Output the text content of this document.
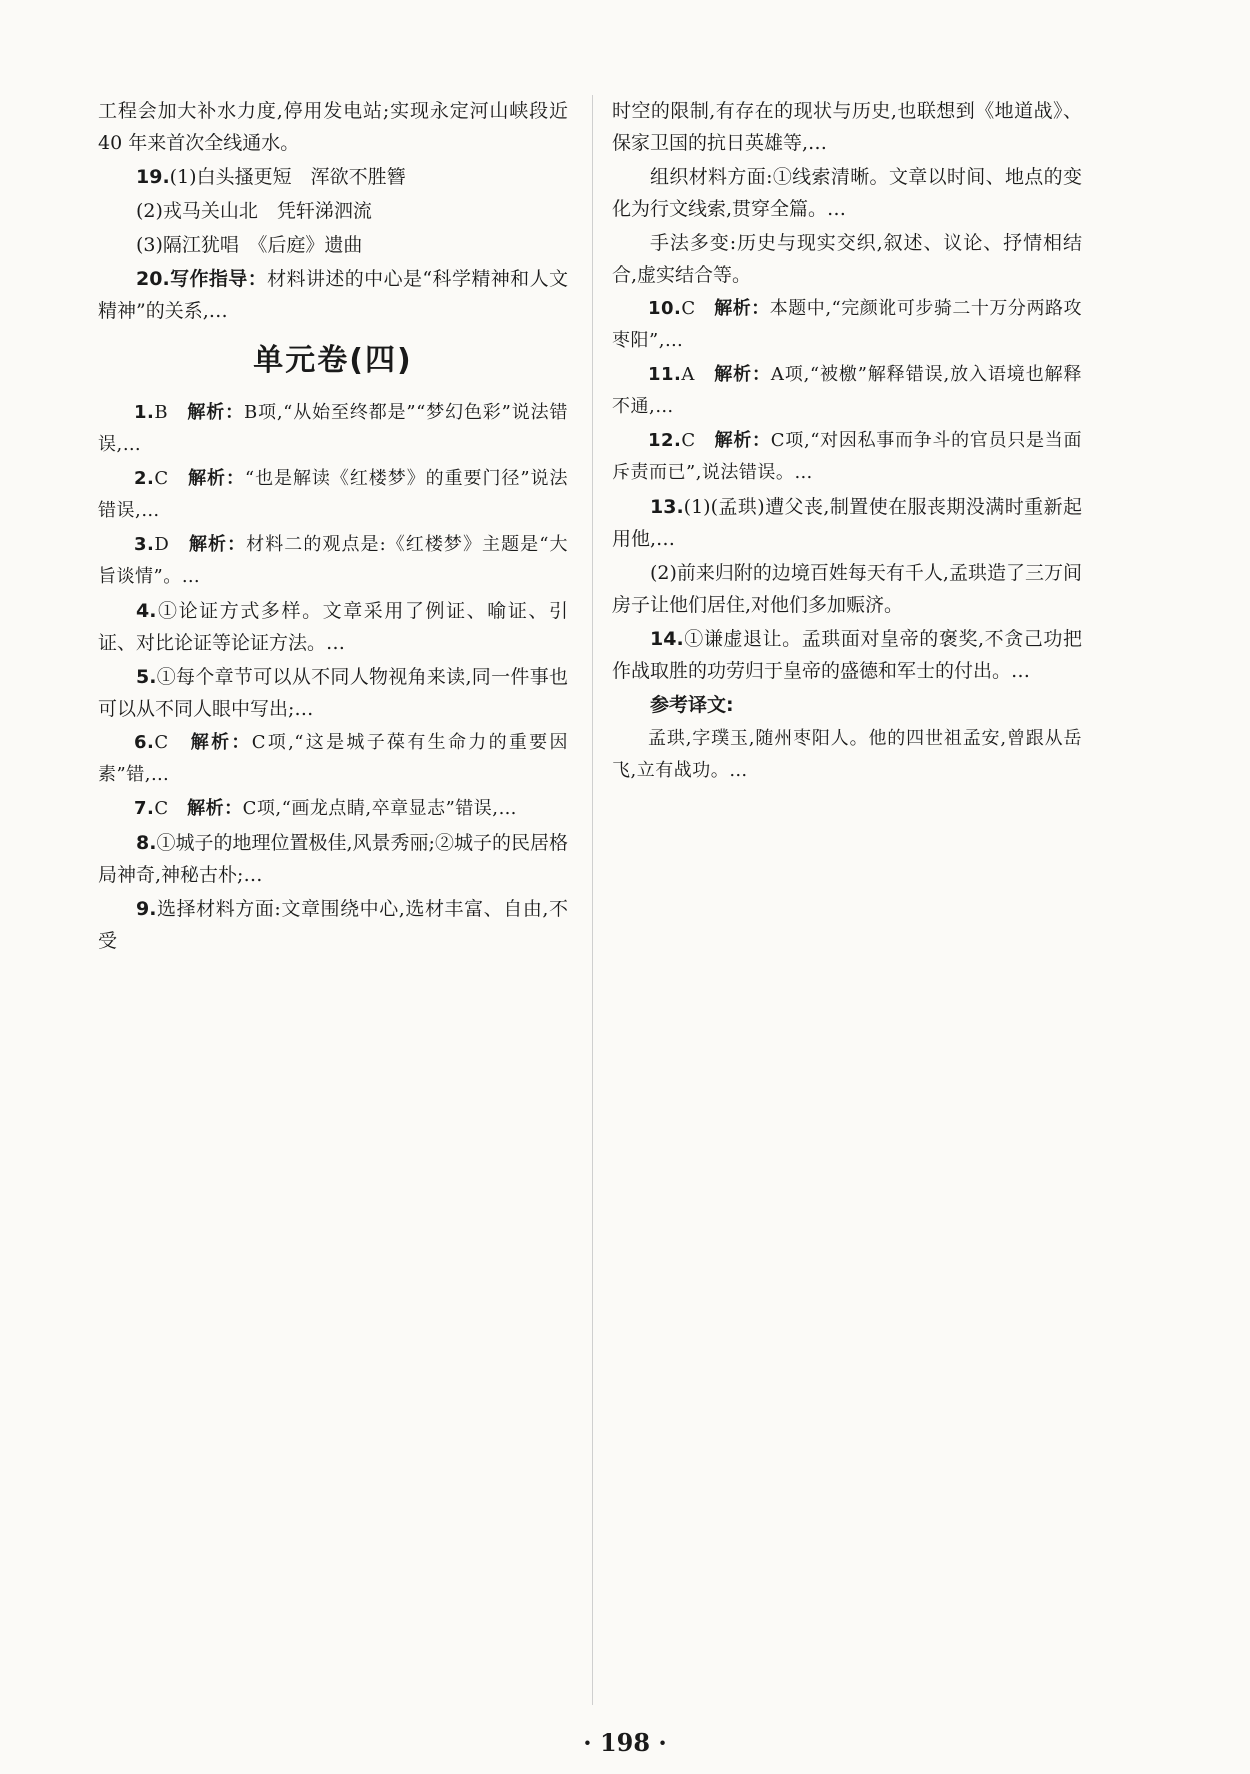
工程会加大补水力度,停用发电站;实现永定河山峡段近 40 年来首次全线通水。

19.(1)白头搔更短　浑欲不胜簪

(2)戎马关山北　凭轩涕泗流

(3)隔江犹唱　《后庭》遗曲

20.写作指导：材料讲述的中心是“科学精神和人文精神”的关系,…

单元卷(四)

1.B　解析：B项,“从始至终都是”“梦幻色彩”说法错误,…

2.C　解析：“也是解读《红楼梦》的重要门径”说法错误,…

3.D　解析：材料二的观点是:《红楼梦》主题是“大旨谈情”。…

4.①论证方式多样。文章采用了例证、喻证、引证、对比论证等论证方法。…

5.①每个章节可以从不同人物视角来读,同一件事也可以从不同人眼中写出;…

6.C　解析：C项,“这是城子葆有生命力的重要因素”错,…

7.C　解析：C项,“画龙点睛,卒章显志”错误,…

8.①城子的地理位置极佳,风景秀丽;②城子的民居格局神奇,神秘古朴;…

9.选择材料方面:文章围绕中心,选材丰富、自由,不受

时空的限制,有存在的现状与历史,也联想到《地道战》、保家卫国的抗日英雄等,…

组织材料方面:①线索清晰。文章以时间、地点的变化为行文线索,贯穿全篇。…

手法多变:历史与现实交织,叙述、议论、抒情相结合,虚实结合等。

10.C　解析：本题中,“完颜讹可步骑二十万分两路攻枣阳”,…

11.A　解析：A项,“被檄”解释错误,放入语境也解释不通,…

12.C　解析：C项,“对因私事而争斗的官员只是当面斥责而已”,说法错误。…

13.(1)(孟珙)遭父丧,制置使在服丧期没满时重新起用他,…

(2)前来归附的边境百姓每天有千人,孟珙造了三万间房子让他们居住,对他们多加赈济。

14.①谦虚退让。孟珙面对皇帝的褒奖,不贪己功把作战取胜的功劳归于皇帝的盛德和军士的付出。…

参考译文:

孟珙,字璞玉,随州枣阳人。他的四世祖孟安,曾跟从岳飞,立有战功。…

· 198 ·
